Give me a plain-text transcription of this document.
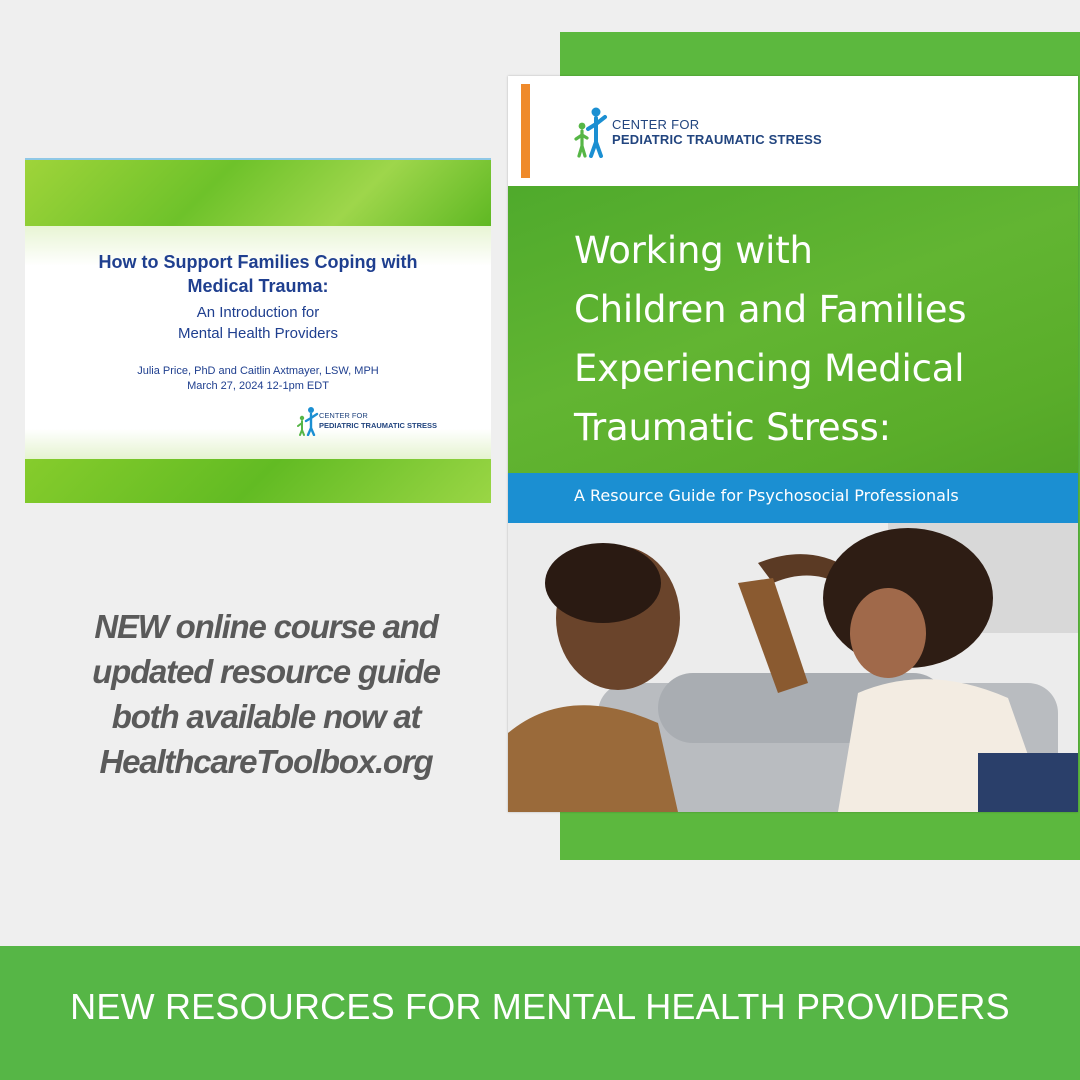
How to Support Families Coping with
Medical Trauma:
An Introduction for
Mental Health Providers
Julia Price, PhD and Caitlin Axtmayer, LSW, MPH
March 27, 2024 12-1pm EDT
CENTER FOR
PEDIATRIC TRAUMATIC STRESS
NEW online course and
updated resource guide
both available now at
HealthcareToolbox.org
CENTER FOR
PEDIATRIC TRAUMATIC STRESS
Working with
Children and Families
Experiencing Medical
Traumatic Stress:
A Resource Guide for Psychosocial Professionals
NEW RESOURCES FOR MENTAL HEALTH PROVIDERS
